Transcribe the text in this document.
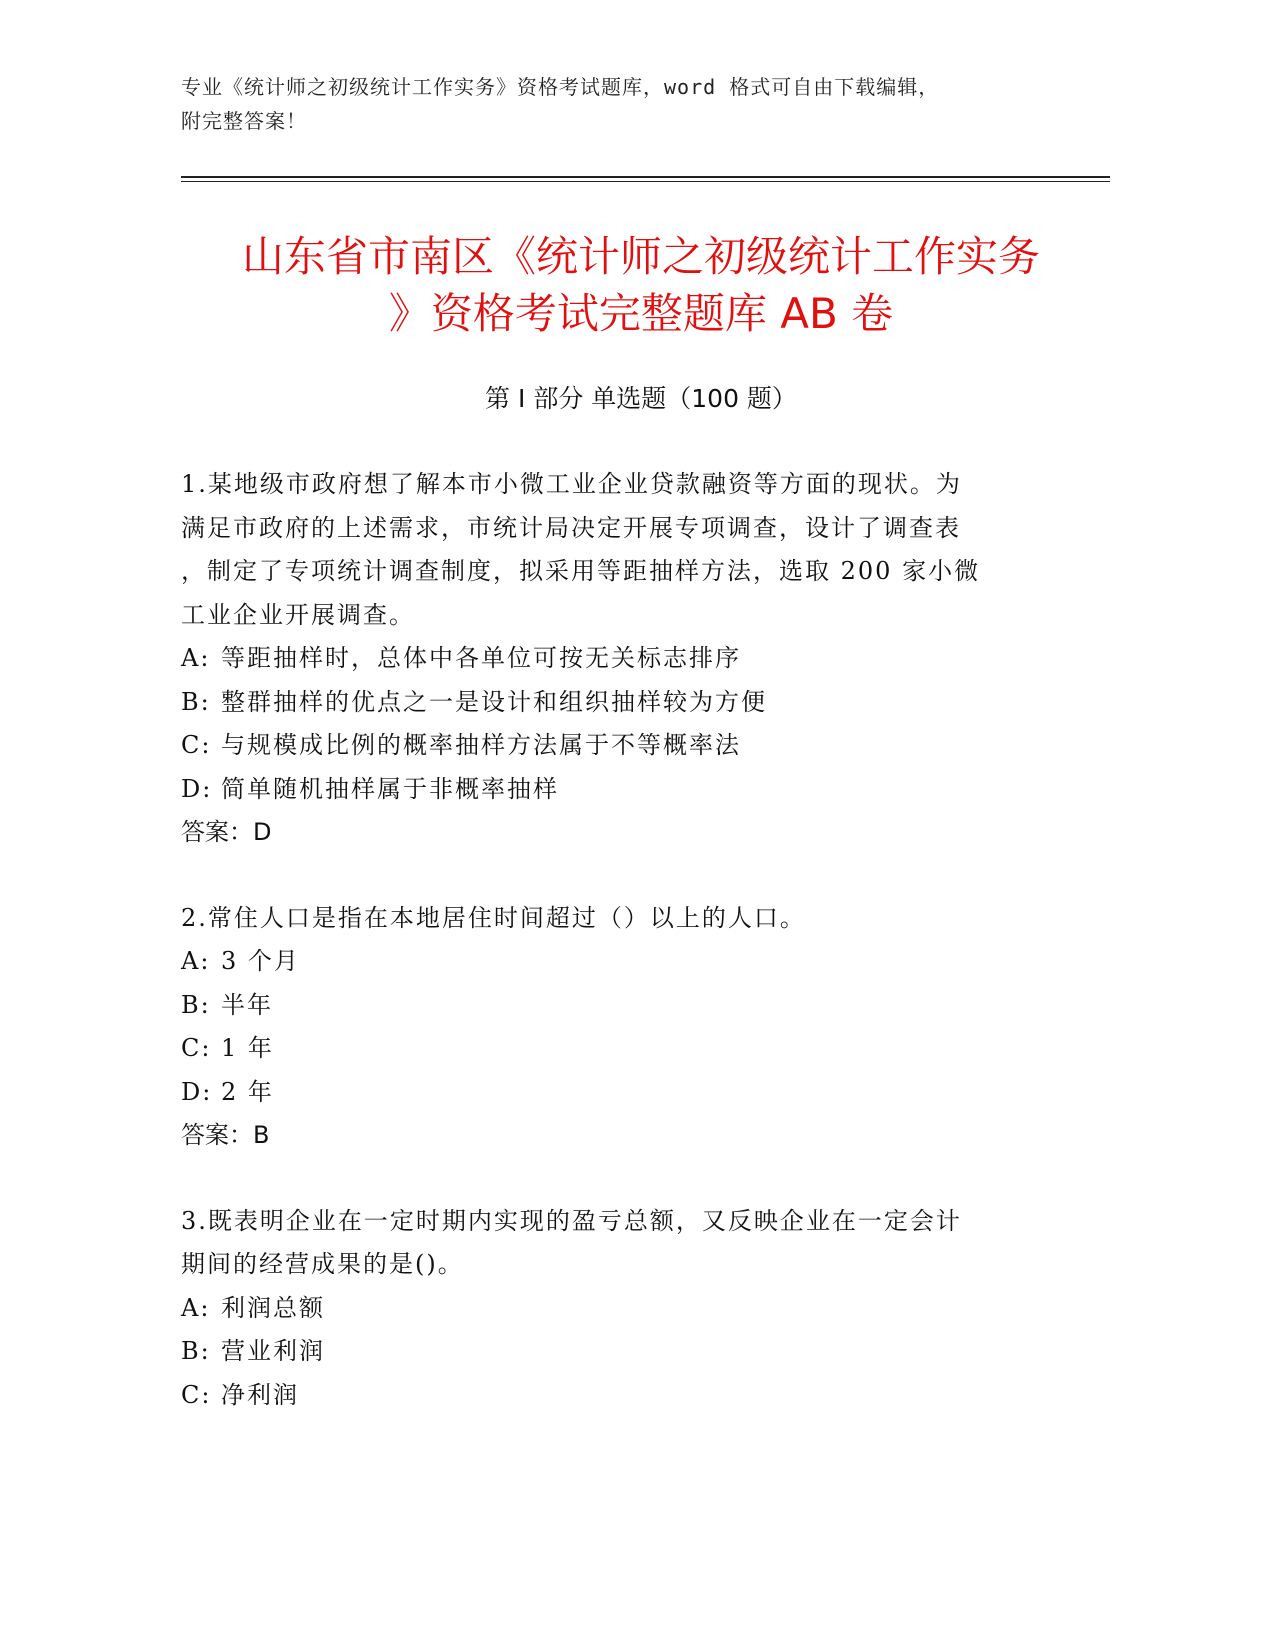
专业《统计师之初级统计工作实务》资格考试题库，word 格式可自由下载编辑，
附完整答案！
山东省市南区《统计师之初级统计工作实务
》资格考试完整题库 AB 卷
第 I 部分 单选题（100 题）
1.某地级市政府想了解本市小微工业企业贷款融资等方面的现状。为
满足市政府的上述需求，市统计局决定开展专项调查，设计了调查表
，制定了专项统计调查制度，拟采用等距抽样方法，选取 200 家小微
工业企业开展调查。
A: 等距抽样时，总体中各单位可按无关标志排序
B: 整群抽样的优点之一是设计和组织抽样较为方便
C: 与规模成比例的概率抽样方法属于不等概率法
D: 简单随机抽样属于非概率抽样
答案：D
2.常住人口是指在本地居住时间超过（）以上的人口。
A: 3 个月
B: 半年
C: 1 年
D: 2 年
答案：B
3.既表明企业在一定时期内实现的盈亏总额，又反映企业在一定会计
期间的经营成果的是()。
A: 利润总额
B: 营业利润
C: 净利润
